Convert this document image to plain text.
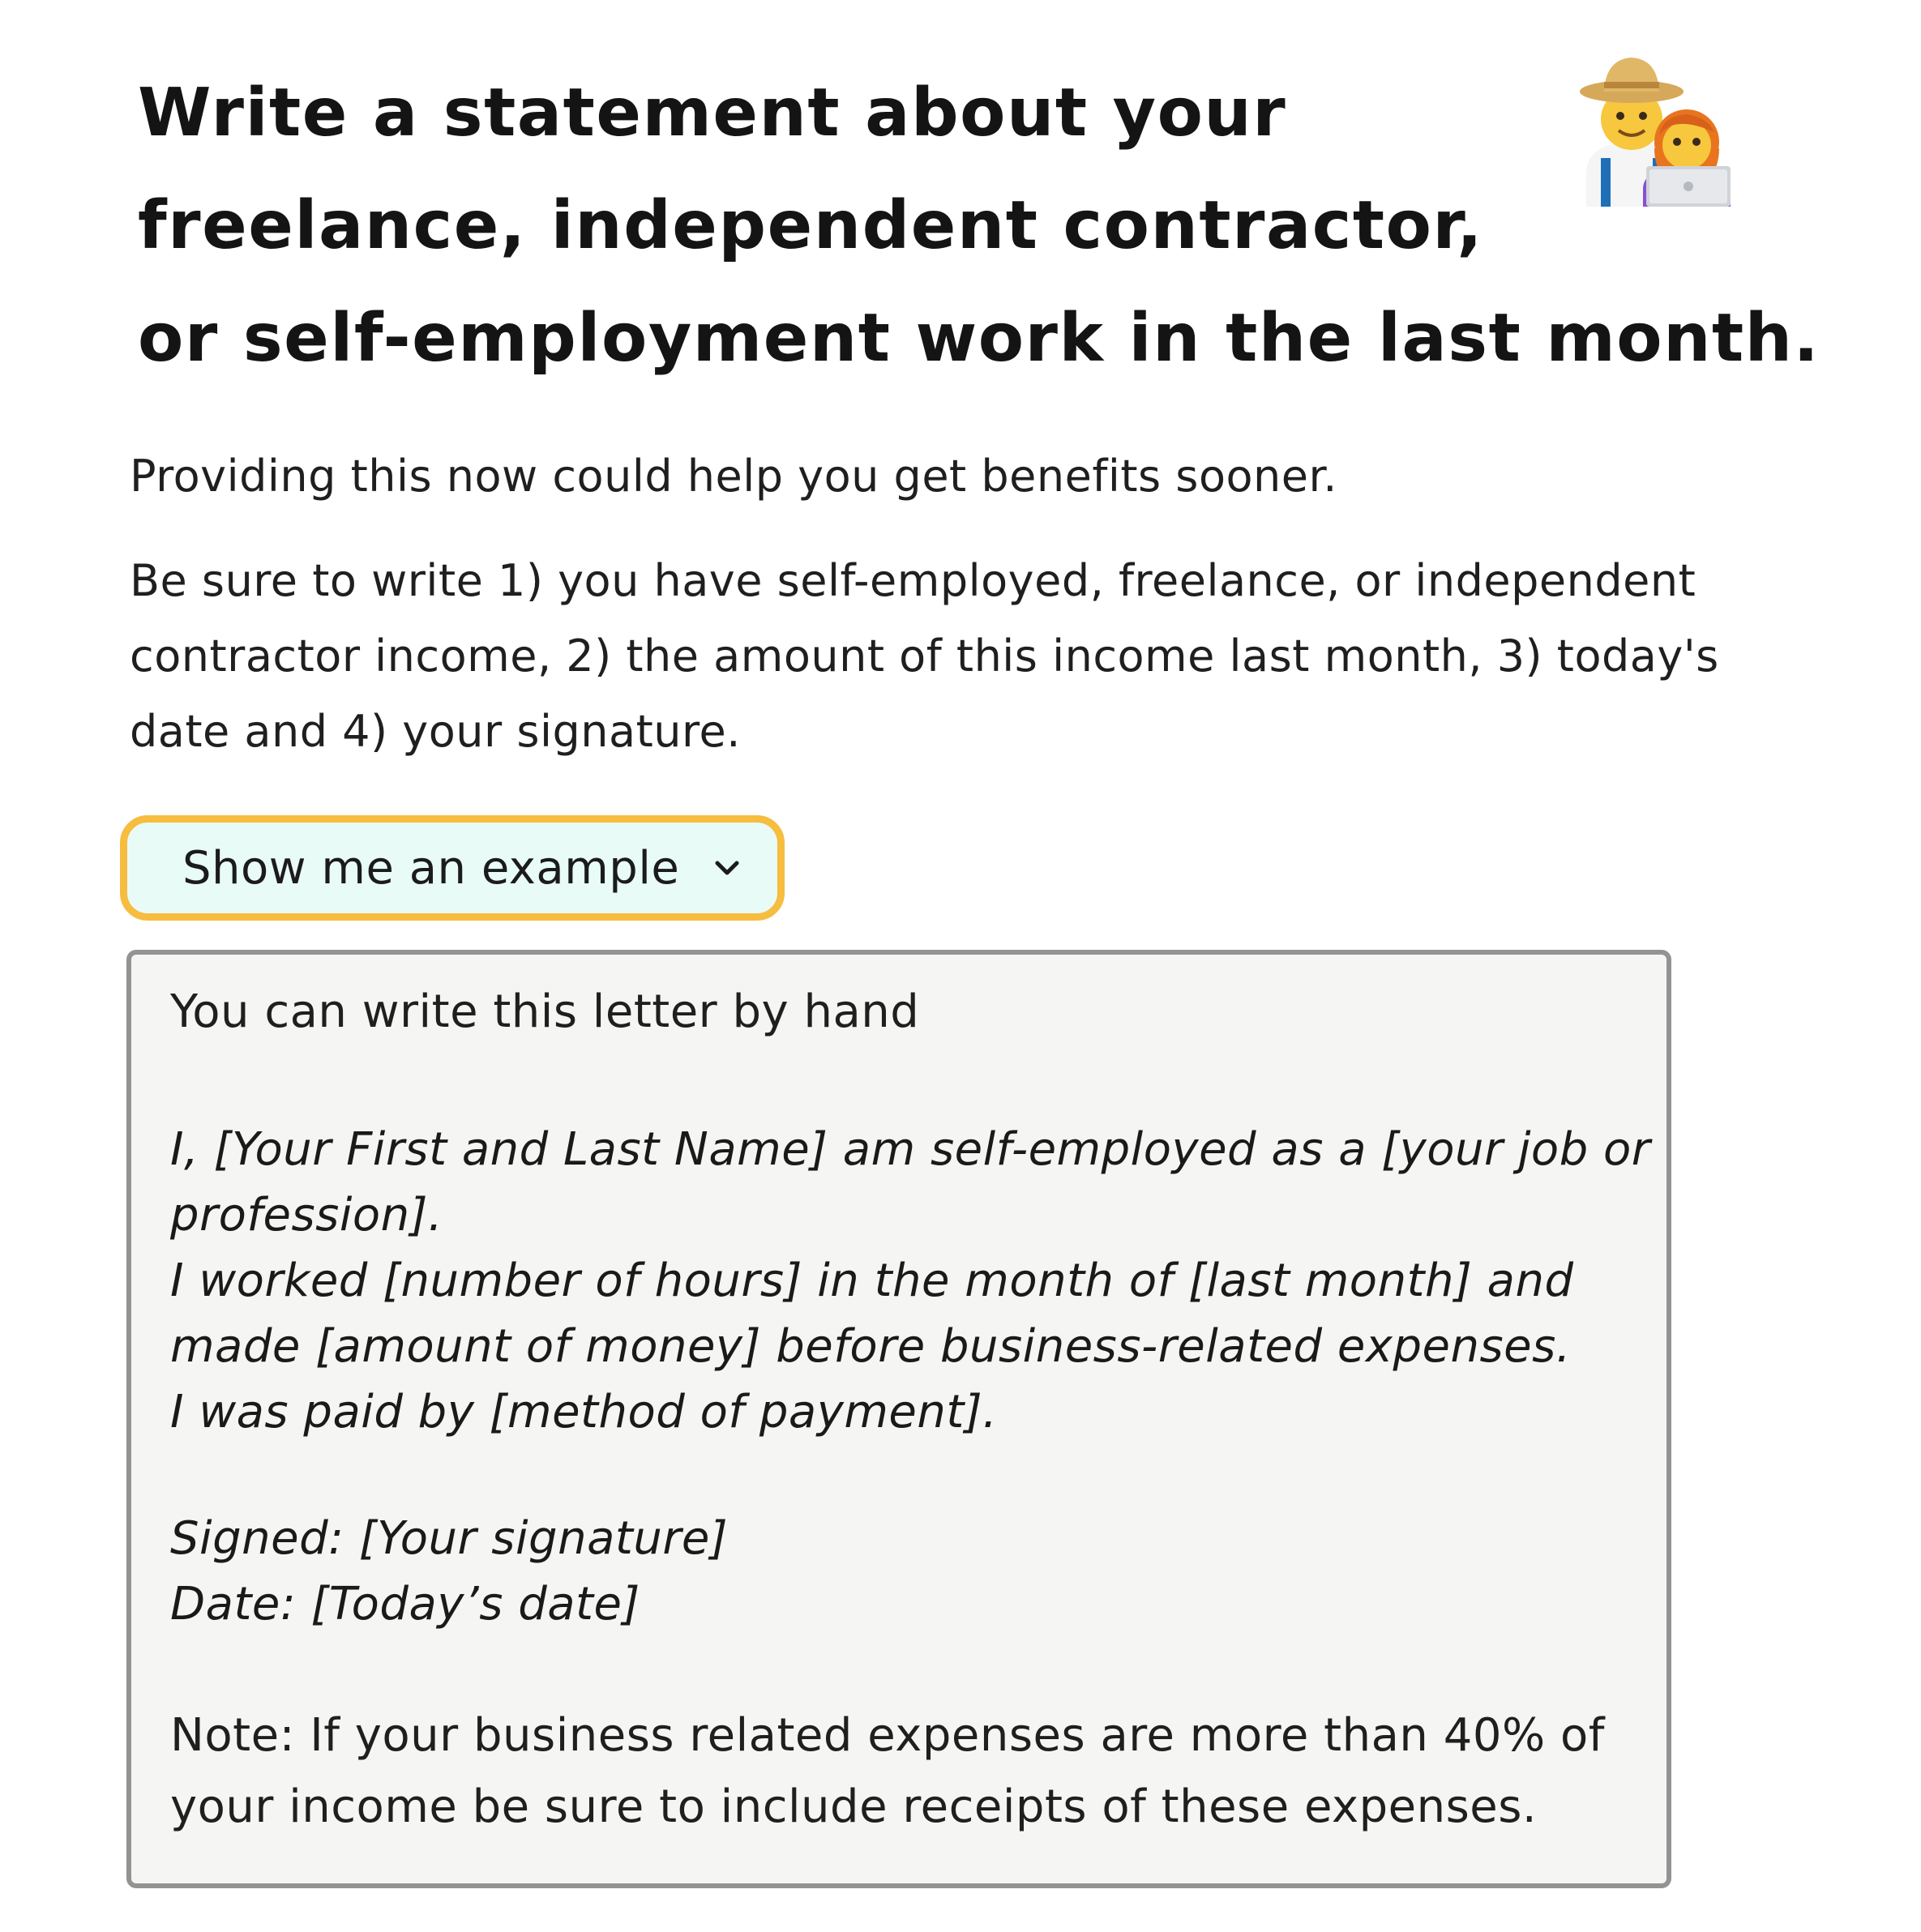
Write a statement about your
freelance, independent contractor,
or self-employment work in the last month.

Providing this now could help you get benefits sooner.

Be sure to write 1) you have self-employed, freelance, or independent
contractor income, 2) the amount of this income last month, 3) today's
date and 4) your signature.

Show me an example

You can write this letter by hand

I, [Your First and Last Name] am self-employed as a [your job or
profession].
I worked [number of hours] in the month of [last month] and
made [amount of money] before business-related expenses.
I was paid by [method of payment].

Signed: [Your signature]
Date: [Today’s date]

Note: If your business related expenses are more than 40% of
your income be sure to include receipts of these expenses.
